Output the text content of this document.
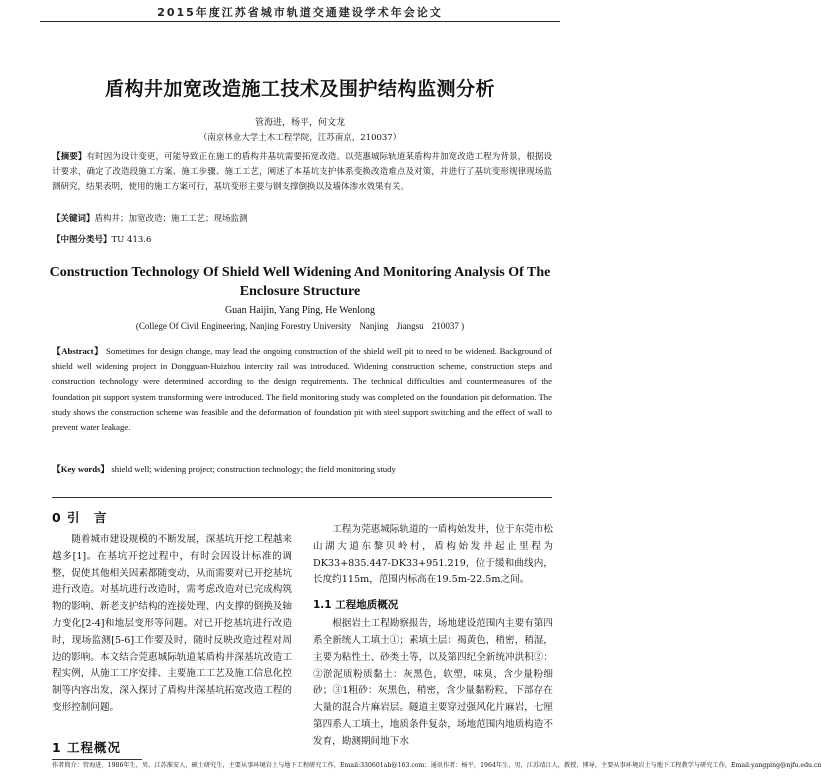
2015年度江苏省城市轨道交通建设学术年会论文
盾构井加宽改造施工技术及围护结构监测分析
管海进，杨平，何文龙
（南京林业大学土木工程学院，江苏南京，210037）
【摘要】有时因为设计变更，可能导致正在施工的盾构井基坑需要拓宽改造。以莞惠城际轨道某盾构井加宽改造工程为背景，根据设计要求，确定了改造段施工方案、施工步骤、施工工艺，阐述了本基坑支护体系变换改造难点及对策，并进行了基坑变形规律现场监测研究，结果表明，使用的施工方案可行，基坑变形主要与钢支撑倒换以及墙体渗水效果有关。
【关键词】盾构井；加宽改造；施工工艺；现场监测
【中图分类号】TU 413.6
Construction Technology Of Shield Well Widening And Monitoring Analysis Of The Enclosure Structure
Guan Haijin, Yang Ping, He Wenlong
(College Of Civil Engineering, Nanjing Forestry University Nanjing Jiangsu 210037 )
【Abstract】 Sometimes for design change, may lead the ongoing construction of the shield well pit to need to be widened. Background of shield well widening project in Dongguan-Huizhou intercity rail was introduced. Widening construction scheme, construction steps and construction technology were determined according to the design requirements. The technical difficulties and countermeasures of the foundation pit support system transforming were introduced. The field monitoring study was completed on the foundation pit deformation. The study shows the construction scheme was feasible and the deformation of foundation pit with steel support switching and the effect of wall to prevent water leakage.
【Key words】 shield well; widening project; construction technology; the field monitoring study
0 引　言

随着城市建设规模的不断发展，深基坑开挖工程越来越多[1]。在基坑开挖过程中，有时会因设计标准的调整，促使其他相关因素都随变动，从而需要对已开挖基坑进行改造。对基坑进行改造时，需考虑改造对已完成构筑物的影响、新老支护结构的连接处理、内支撑的倒换及轴力变化[2-4]和地层变形等问题。对已开挖基坑进行改造时，现场监测[5-6]工作要及时，随时反映改造过程对周边的影响。本文结合莞惠城际轨道某盾构井深基坑改造工程实例，从施工工序安排、主要施工工艺及施工信息化控制等内容出发，深入探讨了盾构井深基坑拓宽改造工程的变形控制问题。

工程为莞惠城际轨道的一盾构始发井，位于东莞市松山湖大道东黎贝岭村，盾构始发井起止里程为DK33+835.447-DK33+951.219，位于缓和曲线内，长度约115m，范围内标高在19.5m-22.5m之间。

1.1 工程地质概况

根据岩土工程勘察报告，场地建设范围内主要有第四系全新统人工填土①；素填土层：褐黄色，稍密，稍湿，主要为粘性土、砂类土等，以及第四纪全新统冲洪积②：②淤泥质粉质黏土：灰黑色，软塑，味臭，含少量粉细砂；③1粗砂：灰黑色，稍密，含少量黏粉粒，下部存在大量的混合片麻岩层。隧道主要穿过强风化片麻岩，七厘第四系人工填土，地质条件复杂，场地范围内地质构造不发育，勘测期间地下水

1 工程概况
作者简介：管海进，1986年生，男，江苏淮安人，硕士研究生，主要从事环境岩土与地下工程研究工作，Email:330601ab@163.com；通讯作者：杨平，1964年生，男，江苏靖江人，教授，博导，主要从事环境岩土与地下工程教学与研究工作，Email:yangping@njfu.edu.cn
